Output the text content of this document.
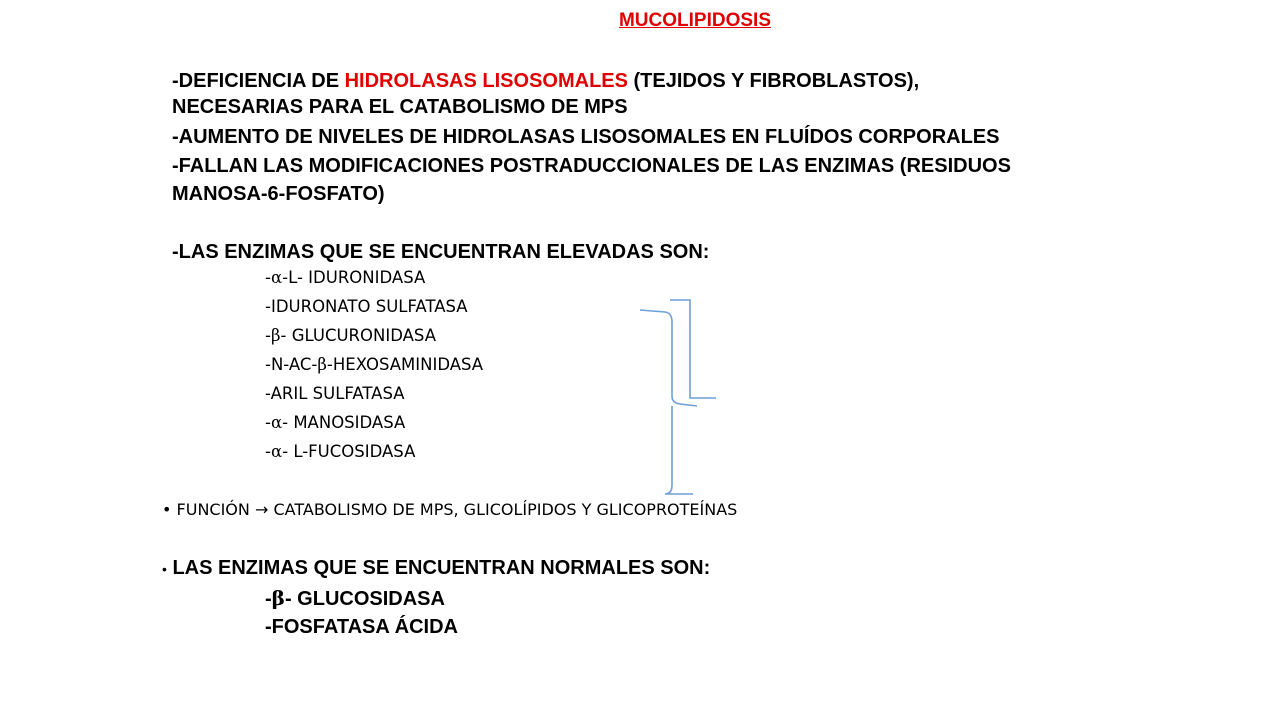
MUCOLIPIDOSIS
-DEFICIENCIA DE HIDROLASAS LISOSOMALES (TEJIDOS Y FIBROBLASTOS),
NECESARIAS PARA EL CATABOLISMO DE MPS
-AUMENTO DE NIVELES DE HIDROLASAS LISOSOMALES EN FLUÍDOS CORPORALES
-FALLAN LAS MODIFICACIONES POSTRADUCCIONALES DE LAS ENZIMAS (RESIDUOS
MANOSA-6-FOSFATO)
-LAS ENZIMAS QUE SE ENCUENTRAN ELEVADAS SON:
-α-L- IDURONIDASA
-IDURONATO SULFATASA
-β- GLUCURONIDASA
-N-AC-β-HEXOSAMINIDASA
-ARIL SULFATASA
-α- MANOSIDASA
-α- L-FUCOSIDASA
• FUNCIÓN → CATABOLISMO DE MPS, GLICOLÍPIDOS Y GLICOPROTEÍNAS
• LAS ENZIMAS QUE SE ENCUENTRAN NORMALES SON:
-β- GLUCOSIDASA
-FOSFATASA ÁCIDA
